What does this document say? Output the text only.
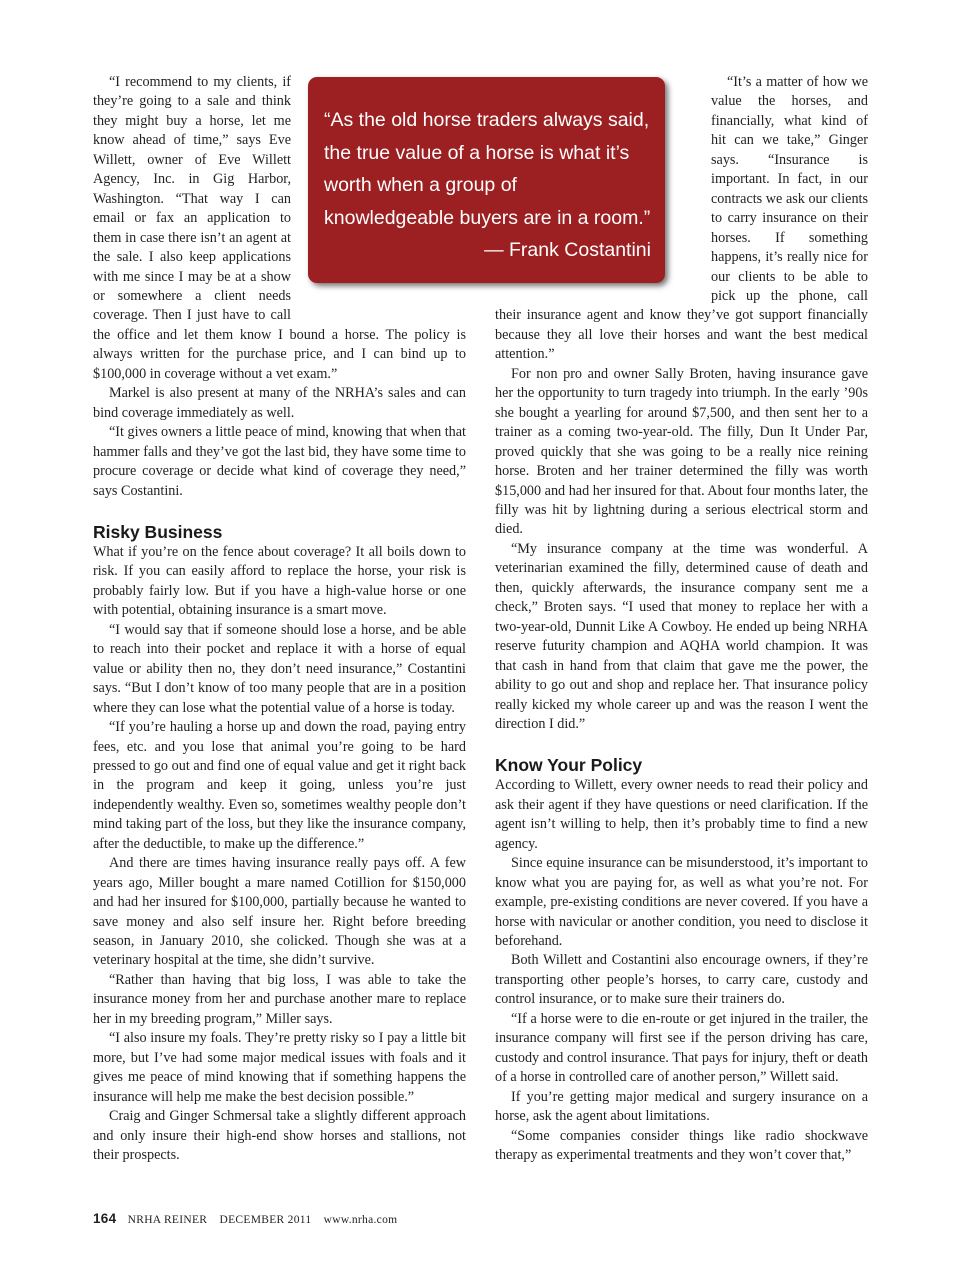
“I recommend to my clients, if they’re going to a sale and think they might buy a horse, let me know ahead of time,” says Eve Willett, owner of Eve Willett Agency, Inc. in Gig Harbor, Washington. “That way I can email or fax an application to them in case there isn’t an agent at the sale. I also keep applications with me since I may be at a show or somewhere a client needs coverage. Then I just have to call the office and let them know I bound a horse. The policy is always written for the purchase price, and I can bind up to $100,000 in coverage without a vet exam.”

Markel is also present at many of the NRHA’s sales and can bind coverage immediately as well.

“It gives owners a little peace of mind, knowing that when that hammer falls and they’ve got the last bid, they have some time to procure coverage or decide what kind of coverage they need,” says Costantini.

Risky Business

What if you’re on the fence about coverage? It all boils down to risk. If you can easily afford to replace the horse, your risk is probably fairly low. But if you have a high-value horse or one with potential, obtaining insurance is a smart move.

“I would say that if someone should lose a horse, and be able to reach into their pocket and replace it with a horse of equal value or ability then no, they don’t need insurance,” Costantini says. “But I don’t know of too many people that are in a position where they can lose what the potential value of a horse is today.

“If you’re hauling a horse up and down the road, paying entry fees, etc. and you lose that animal you’re going to be hard pressed to go out and find one of equal value and get it right back in the program and keep it going, unless you’re just independently wealthy. Even so, sometimes wealthy people don’t mind taking part of the loss, but they like the insurance company, after the deductible, to make up the difference.”

And there are times having insurance really pays off. A few years ago, Miller bought a mare named Cotillion for $150,000 and had her insured for $100,000, partially because he wanted to save money and also self insure her. Right before breeding season, in January 2010, she colicked. Though she was at a veterinary hospital at the time, she didn’t survive.

“Rather than having that big loss, I was able to take the insurance money from her and purchase another mare to replace her in my breeding program,” Miller says.

“I also insure my foals. They’re pretty risky so I pay a little bit more, but I’ve had some major medical issues with foals and it gives me peace of mind knowing that if something happens the insurance will help me make the best decision possible.”

Craig and Ginger Schmersal take a slightly different approach and only insure their high-end show horses and stallions, not their prospects.

“It’s a matter of how we value the horses, and financially, what kind of hit can we take,” Ginger says. “Insurance is important. In fact, in our contracts we ask our clients to carry insurance on their horses. If something happens, it’s really nice for our clients to be able to pick up the phone, call their insurance agent and know they’ve got support financially because they all love their horses and want the best medical attention.”

For non pro and owner Sally Broten, having insurance gave her the opportunity to turn tragedy into triumph. In the early ’90s she bought a yearling for around $7,500, and then sent her to a trainer as a coming two-year-old. The filly, Dun It Under Par, proved quickly that she was going to be a really nice reining horse. Broten and her trainer determined the filly was worth $15,000 and had her insured for that. About four months later, the filly was hit by lightning during a serious electrical storm and died.

“My insurance company at the time was wonderful. A veterinarian examined the filly, determined cause of death and then, quickly afterwards, the insurance company sent me a check,” Broten says. “I used that money to replace her with a two-year-old, Dunnit Like A Cowboy. He ended up being NRHA reserve futurity champion and AQHA world champion. It was that cash in hand from that claim that gave me the power, the ability to go out and shop and replace her. That insurance policy really kicked my whole career up and was the reason I went the direction I did.”

Know Your Policy

According to Willett, every owner needs to read their policy and ask their agent if they have questions or need clarification. If the agent isn’t willing to help, then it’s probably time to find a new agency.

Since equine insurance can be misunderstood, it’s important to know what you are paying for, as well as what you’re not. For example, pre-existing conditions are never covered. If you have a horse with navicular or another condition, you need to disclose it beforehand.

Both Willett and Costantini also encourage owners, if they’re transporting other people’s horses, to carry care, custody and control insurance, or to make sure their trainers do.

“If a horse were to die en-route or get injured in the trailer, the insurance company will first see if the person driving has care, custody and control insurance. That pays for injury, theft or death of a horse in controlled care of another person,” Willett said.

If you’re getting major medical and surgery insurance on a horse, ask the agent about limitations.

“Some companies consider things like radio shockwave therapy as experimental treatments and they won’t cover that,”

“As the old horse traders always said, the true value of a horse is what it’s worth when a group of knowledgeable buyers are in a room.”
— Frank Costantini
164 NRHA REINER DECEMBER 2011 www.nrha.com
